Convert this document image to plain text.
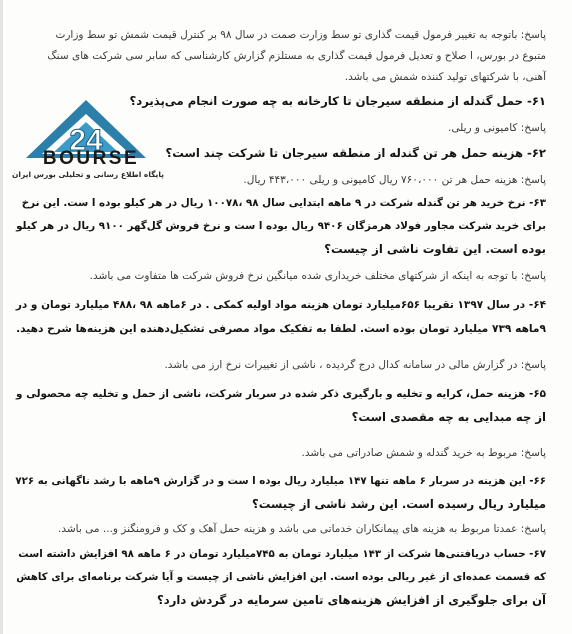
پاسخ: باتوجه به تغییر فرمول قیمت گذاری تو سط وزارت صمت در سال ۹۸ بر کنترل قیمت شمش تو سط وزارت
متبوع در بورس، ا صلاح و تعدیل فرمول قیمت گذاری به مستلزم گزارش کارشناسی که سابر سی شرکت های سنگ
آهنی، با شرکتهای تولید کننده شمش می باشد.
۶۱- حمل گندله از منطقه سیرجان تا کارخانه به چه صورت انجام می‌پذیرد؟
پاسخ: کامیونی و ریلی.
۶۲- هزینه حمل هر تن گندله از منطقه سیرجان تا شرکت چند است؟
پاسخ: هزینه حمل هر تن ۷۶۰،۰۰۰ ریال کامیونی و ریلی ۴۴۳،۰۰۰ ریال.
۶۳- نرخ خرید هر تن گندله شرکت در ۹ ماهه ابتدایی سال ۹۸ ،۱۰۰۷۸ ریال در هر کیلو بوده ا ست. این نرخ
برای خرید شرکت مجاور فولاد هرمزگان ۹۴۰۶ ریال بوده ا ست و نرخ فروش گل‌گهر ۹۱۰۰ ریال در هر کیلو
بوده است. این تفاوت ناشی از چیست؟
پاسخ: با توجه به اینکه از شرکتهای مختلف خریداری شده میانگین نرخ فروش شرکت ها متفاوت می باشد.
۶۴- در سال ۱۳۹۷ تقریبا ۶۵۶میلیارد تومان هزینه مواد اولیه کمکی . در ۶ماهه ۹۸ ،۴۸۸ میلیارد تومان و در
۹ماهه ۷۳۹ میلیارد تومان بوده است. لطفا به تفکیک مواد مصرفی تشکیل‌دهنده این هزینه‌ها شرح دهید.
پاسخ: در گزارش مالی در سامانه کدال درج گردیده ، ناشی از تغییرات نرخ ارز می باشد.
۶۵- هزینه حمل، کرایه و تخلیه و بارگیری ذکر شده در سربار شرکت، ناشی از حمل و تخلیه چه محصولی و
از چه مبدایی به چه مقصدی است؟
پاسخ: مربوط به خرید گندله و شمش صادراتی می باشد.
۶۶- این هزینه در سربار ۶ ماهه تنها ۱۴۷ میلیارد ریال بوده ا ست و در گزارش ۹ماهه با رشد ناگهانی به ۷۲۶
میلیارد ریال رسیده است. این رشد ناشی از چیست؟
پاسخ: عمدتا مربوط به هزینه های پیمانکاران خدماتی می باشد و هزینه حمل آهک و کک و فرومنگنز و... می باشد.
۶۷- حساب دریافتنی‌ها شرکت از ۱۴۳ میلیارد تومان به ۷۴۵میلیارد تومان در ۶ ماهه ۹۸ افزایش داشته است
که قسمت عمده‌ای از غیر ریالی بوده است. این افزایش ناشی از چیست و آیا شرکت برنامه‌ای برای کاهش
آن برای جلوگیری از افزایش هزینه‌های تامین سرمایه در گردش دارد؟
24
BOURSE
پایگاه اطلاع رسانی و تحلیلی بورس ایران
